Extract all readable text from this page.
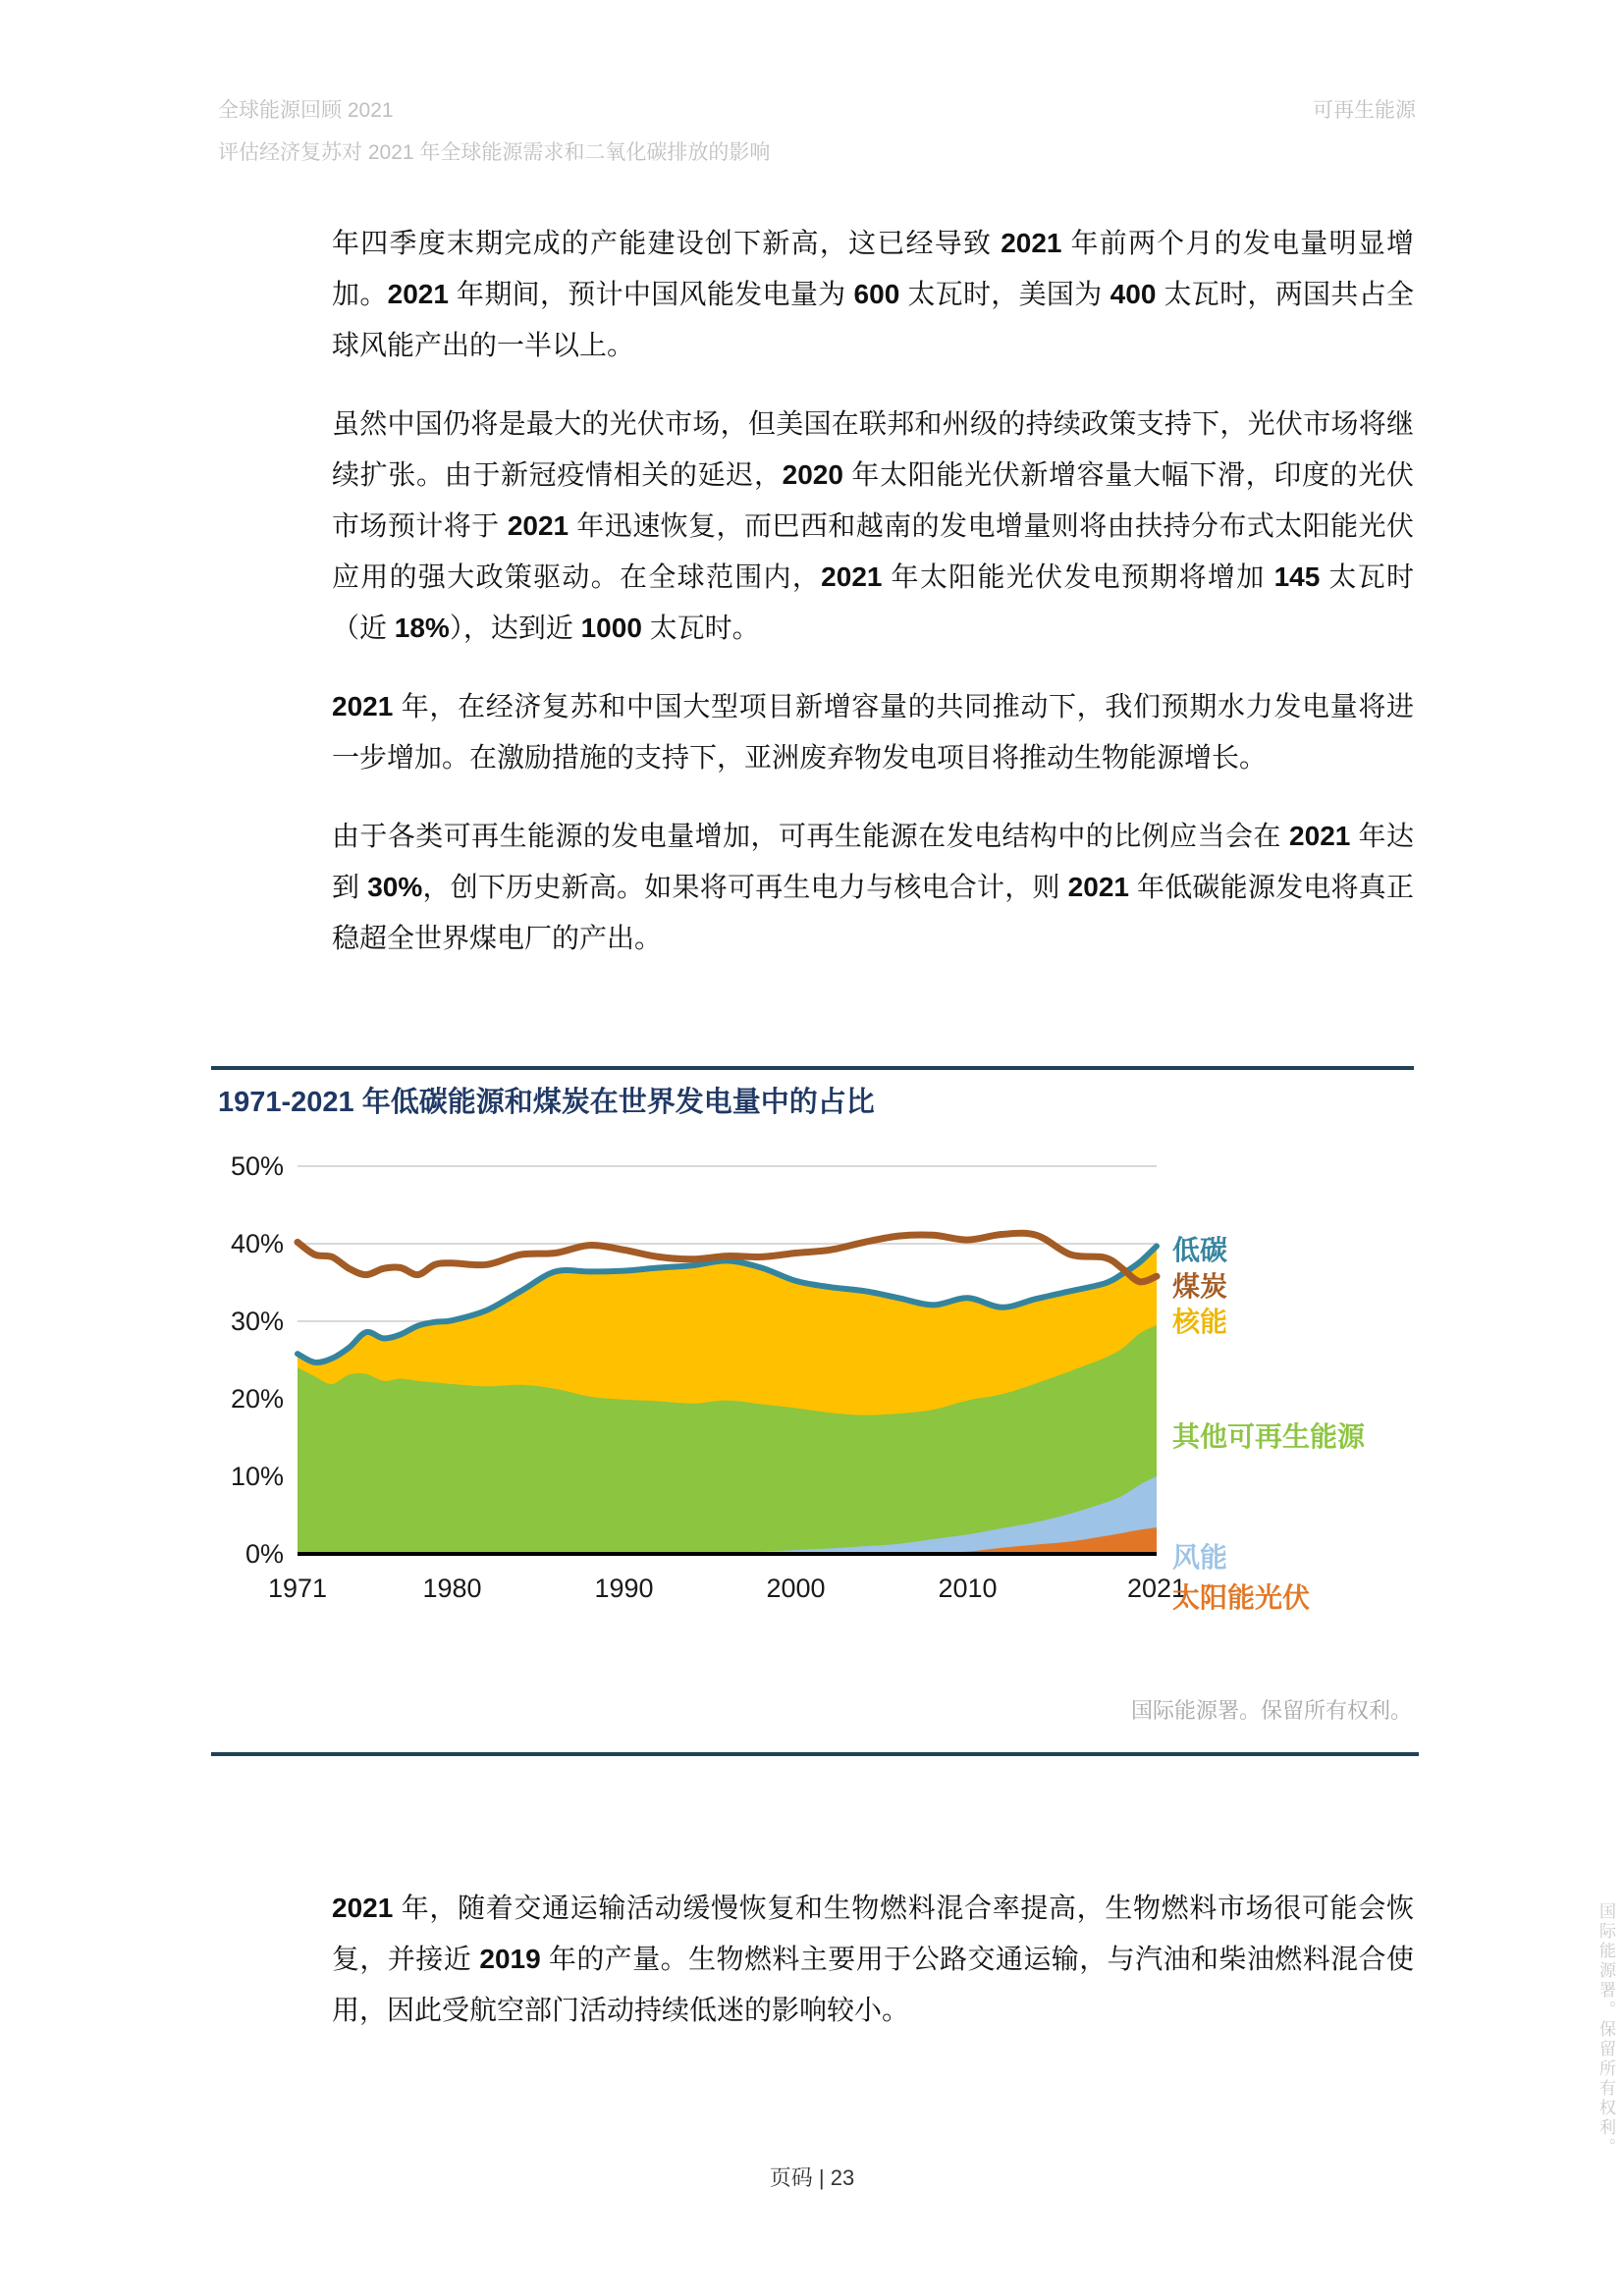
全球能源回顾 2021	可再生能源
评估经济复苏对 2021 年全球能源需求和二氧化碳排放的影响

年四季度末期完成的产能建设创下新高，这已经导致 2021 年前两个月的发电量明显增加。2021 年期间，预计中国风能发电量为 600 太瓦时，美国为 400 太瓦时，两国共占全球风能产出的一半以上。

虽然中国仍将是最大的光伏市场，但美国在联邦和州级的持续政策支持下，光伏市场将继续扩张。由于新冠疫情相关的延迟，2020 年太阳能光伏新增容量大幅下滑，印度的光伏市场预计将于 2021 年迅速恢复，而巴西和越南的发电增量则将由扶持分布式太阳能光伏应用的强大政策驱动。在全球范围内，2021 年太阳能光伏发电预期将增加 145 太瓦时（近 18%），达到近 1000 太瓦时。

2021 年，在经济复苏和中国大型项目新增容量的共同推动下，我们预期水力发电量将进一步增加。在激励措施的支持下，亚洲废弃物发电项目将推动生物能源增长。

由于各类可再生能源的发电量增加，可再生能源在发电结构中的比例应当会在 2021 年达到 30%，创下历史新高。如果将可再生电力与核电合计，则 2021 年低碳能源发电将真正稳超全世界煤电厂的产出。

1971-2021 年低碳能源和煤炭在世界发电量中的占比
0%
10%
20%
30%
40%
50%
1971	1980	1990	2000	2010	2021
低碳
煤炭
核能
其他可再生能源
风能
太阳能光伏
国际能源署。保留所有权利。

2021 年，随着交通运输活动缓慢恢复和生物燃料混合率提高，生物燃料市场很可能会恢复，并接近 2019 年的产量。生物燃料主要用于公路交通运输，与汽油和柴油燃料混合使用，因此受航空部门活动持续低迷的影响较小。

页码 | 23
国际能源署。保留所有权利。
